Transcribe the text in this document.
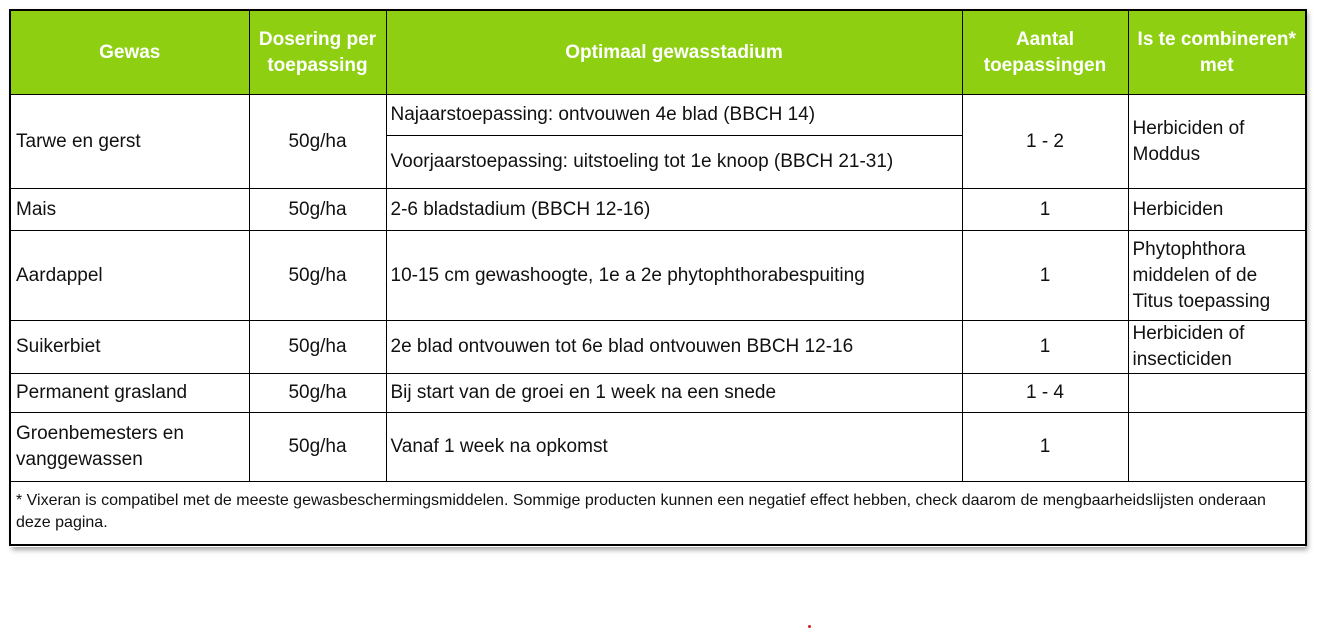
Gewas	Dosering per toepassing	Optimaal gewasstadium	Aantal toepassingen	Is te combineren* met
Tarwe en gerst	50g/ha	Najaarstoepassing: ontvouwen 4e blad (BBCH 14)	1 - 2	Herbiciden of Moddus
		Voorjaarstoepassing: uitstoeling tot 1e knoop (BBCH 21-31)		
Mais	50g/ha	2-6 bladstadium (BBCH 12-16)	1	Herbiciden
Aardappel	50g/ha	10-15 cm gewashoogte, 1e a 2e phytophthorabespuiting	1	Phytophthora middelen of de Titus toepassing
Suikerbiet	50g/ha	2e blad ontvouwen tot 6e blad ontvouwen BBCH 12-16	1	Herbiciden of insecticiden
Permanent grasland	50g/ha	Bij start van de groei en 1 week na een snede	1 - 4	
Groenbemesters en vanggewassen	50g/ha	Vanaf 1 week na opkomst	1	
* Vixeran is compatibel met de meeste gewasbeschermingsmiddelen. Sommige producten kunnen een negatief effect hebben, check daarom de mengbaarheidslijsten onderaan deze pagina.				
